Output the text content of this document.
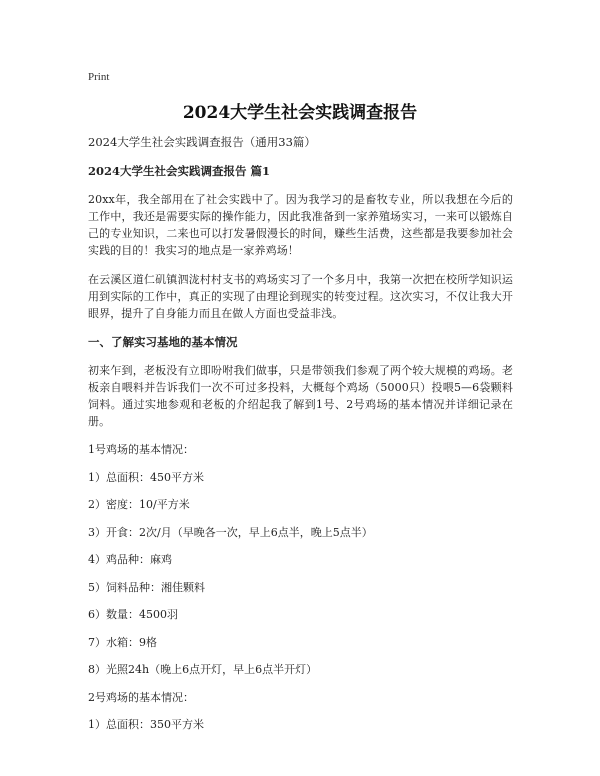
Print
2024大学生社会实践调查报告
2024大学生社会实践调查报告（通用33篇）
2024大学生社会实践调查报告 篇1

20xx年，我全部用在了社会实践中了。因为我学习的是畜牧专业，所以我想在今后的工作中，我还是需要实际的操作能力，因此我准备到一家养殖场实习，一来可以锻炼自己的专业知识，二来也可以打发暑假漫长的时间，赚些生活费，这些都是我要参加社会实践的目的！我实习的地点是一家养鸡场！

在云溪区道仁矶镇泗泷村村支书的鸡场实习了一个多月中，我第一次把在校所学知识运用到实际的工作中，真正的实现了由理论到现实的转变过程。这次实习，不仅让我大开眼界，提升了自身能力而且在做人方面也受益非浅。

一、了解实习基地的基本情况

初来乍到，老板没有立即吩咐我们做事，只是带领我们参观了两个较大规模的鸡场。老板亲自喂料并告诉我们一次不可过多投料，大概每个鸡场（5000只）投喂5—6袋颗料饲料。通过实地参观和老板的介绍起我了解到1号、2号鸡场的基本情况并详细记录在册。

1号鸡场的基本情况：
1）总面积：450平方米
2）密度：10/平方米
3）开食：2次/月（早晚各一次，早上6点半，晚上5点半）
4）鸡品种：麻鸡
5）饲料品种：湘佳颗料
6）数量：4500羽
7）水箱：9格
8）光照24h（晚上6点开灯，早上6点半开灯）
2号鸡场的基本情况：
1）总面积：350平方米
